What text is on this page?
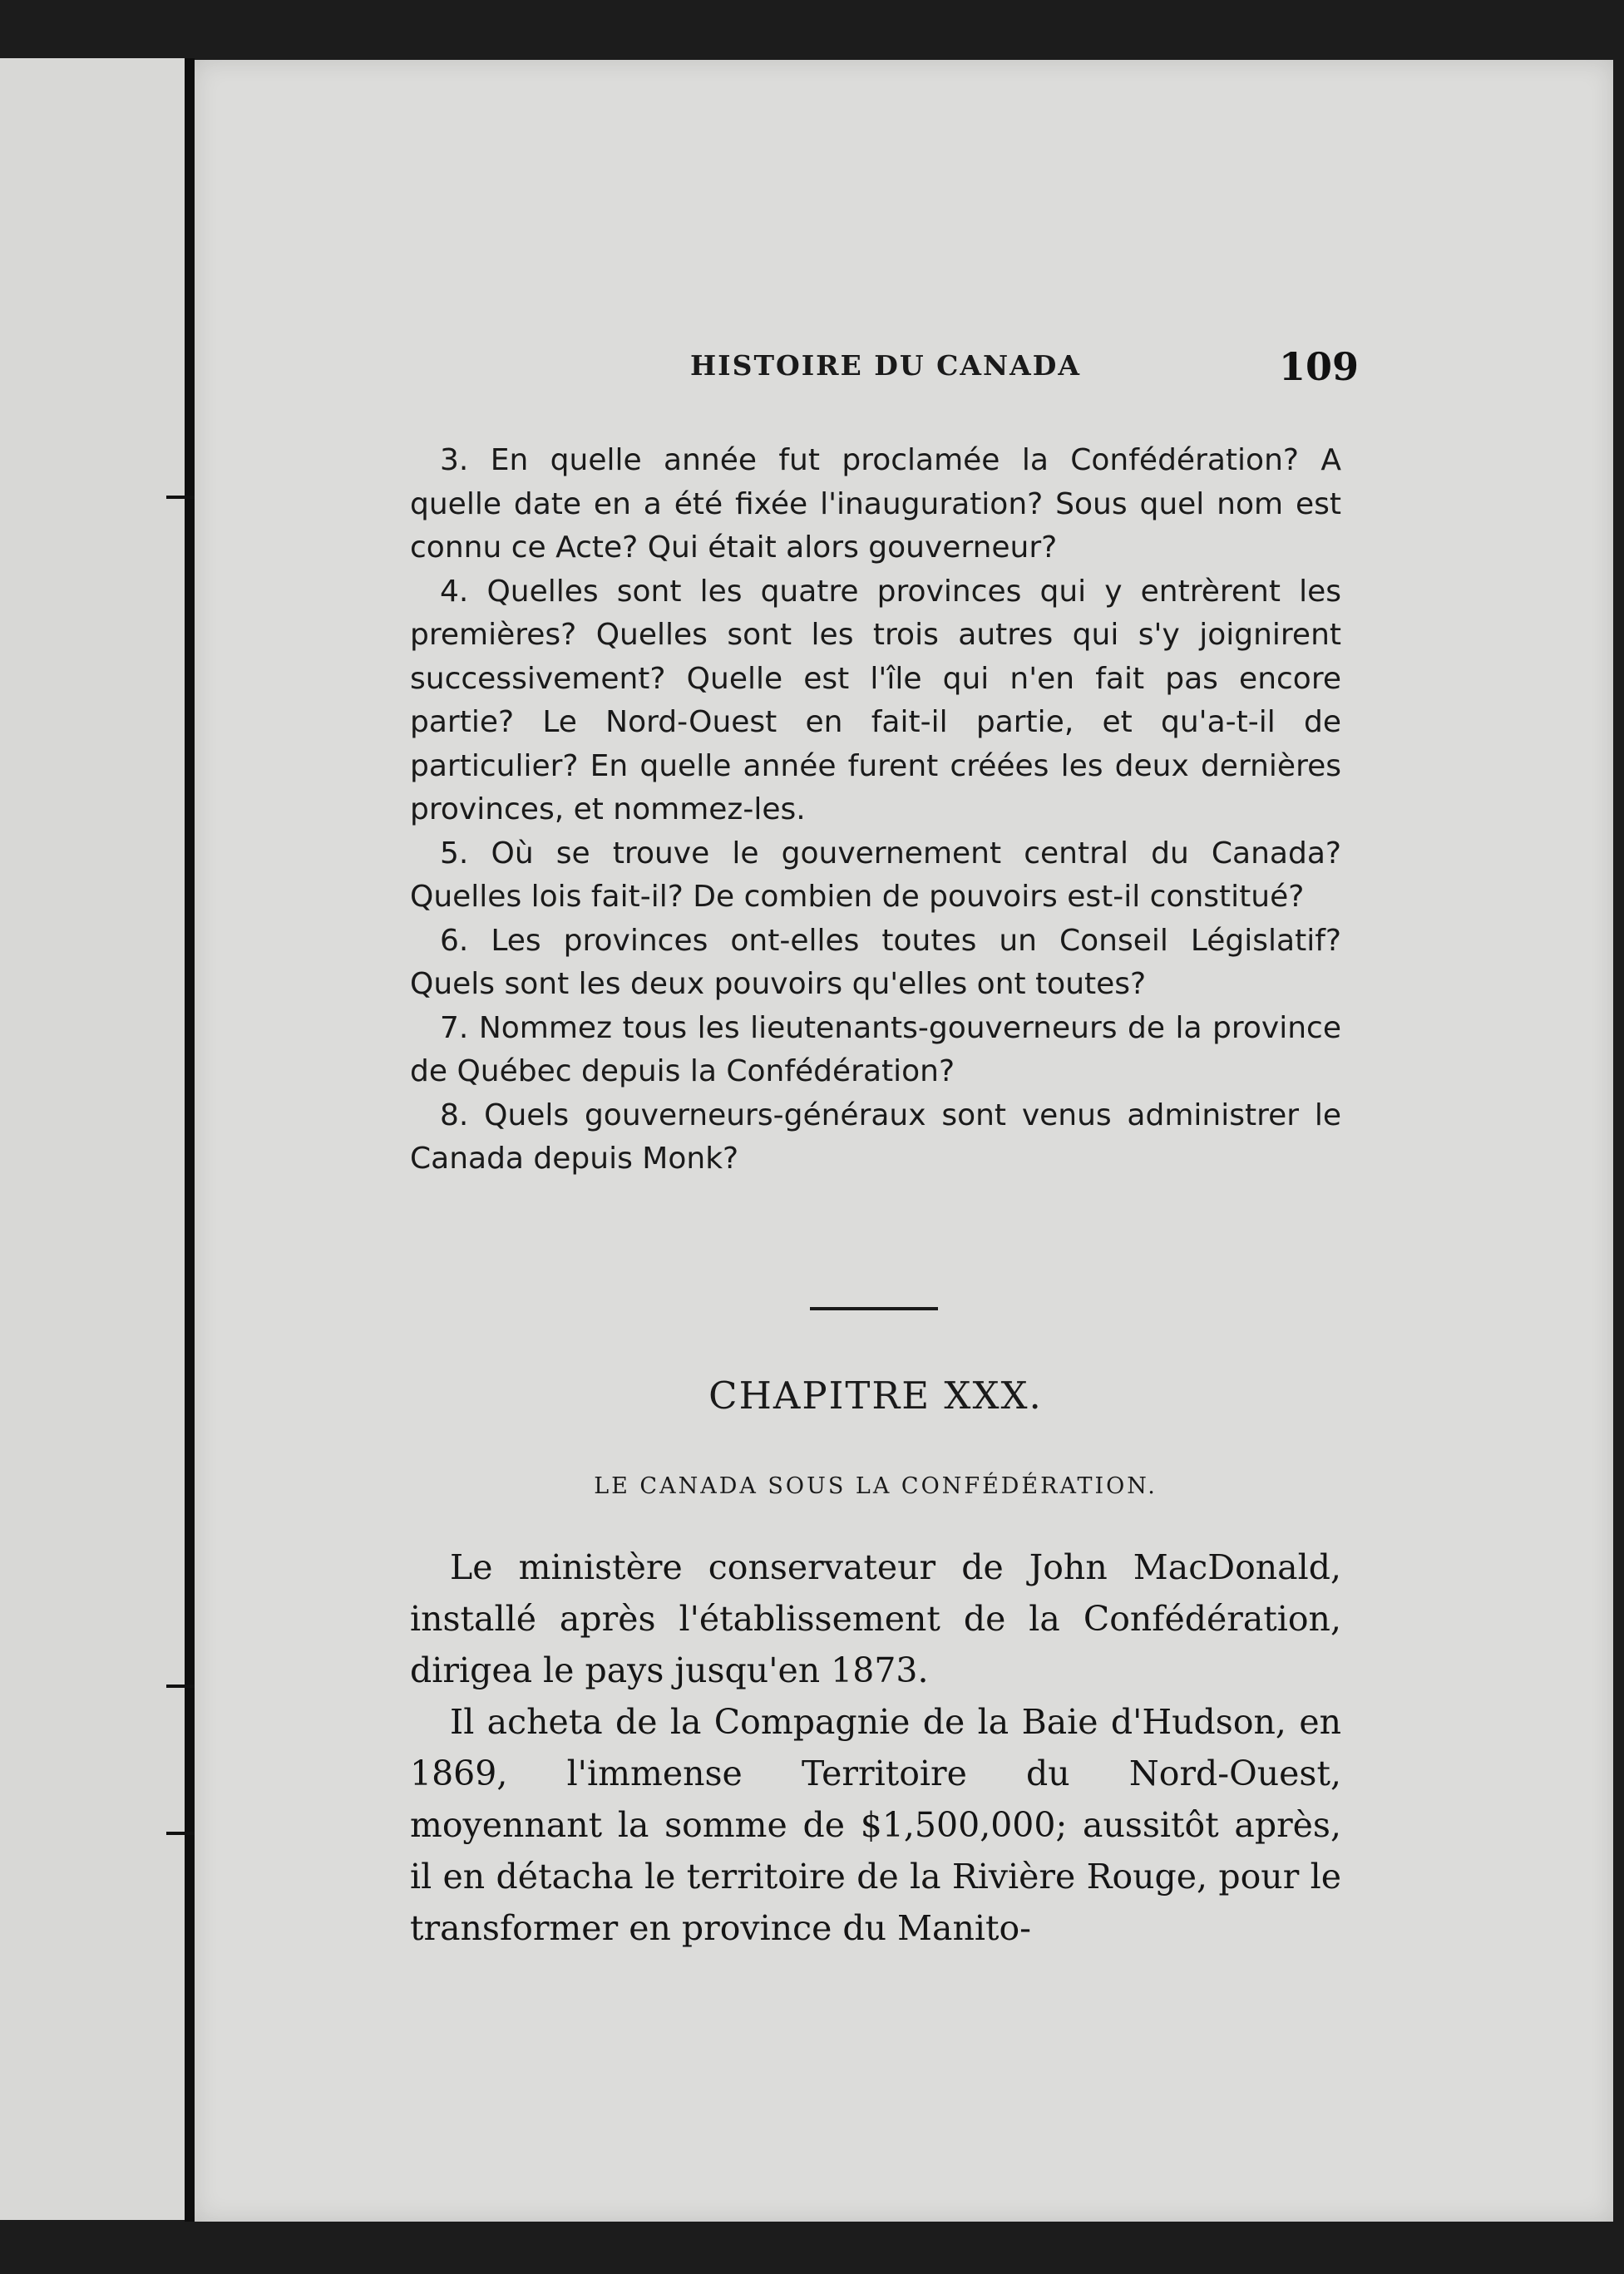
HISTOIRE DU CANADA	109

3. En quelle année fut proclamée la Confédération? A quelle date en a été fixée l'inauguration? Sous quel nom est connu ce Acte? Qui était alors gouverneur?

4. Quelles sont les quatre provinces qui y entrèrent les premières? Quelles sont les trois autres qui s'y joignirent successivement? Quelle est l'île qui n'en fait pas encore partie? Le Nord-Ouest en fait-il partie, et qu'a-t-il de particulier? En quelle année furent créées les deux dernières provinces, et nommez-les.

5. Où se trouve le gouvernement central du Canada? Quelles lois fait-il? De combien de pouvoirs est-il constitué?

6. Les provinces ont-elles toutes un Conseil Législatif? Quels sont les deux pouvoirs qu'elles ont toutes?

7. Nommez tous les lieutenants-gouverneurs de la province de Québec depuis la Confédération?

8. Quels gouverneurs-généraux sont venus administrer le Canada depuis Monk?

CHAPITRE XXX.
LE CANADA SOUS LA CONFÉDÉRATION.

Le ministère conservateur de John MacDonald, installé après l'établissement de la Confédération, dirigea le pays jusqu'en 1873.

Il acheta de la Compagnie de la Baie d'Hudson, en 1869, l'immense Territoire du Nord-Ouest, moyennant la somme de $1,500,000; aussitôt après, il en détacha le territoire de la Rivière Rouge, pour le transformer en province du Manito-
